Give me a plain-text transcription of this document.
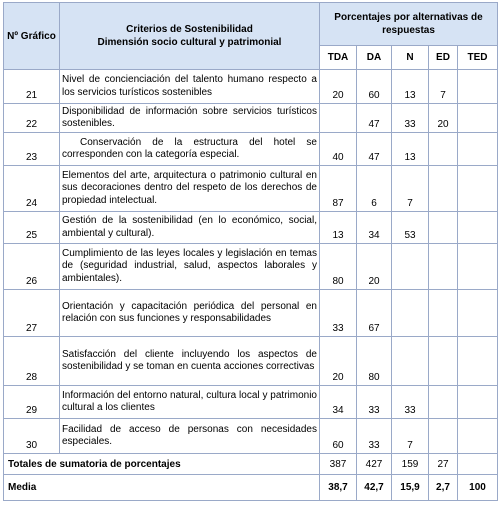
Nº Gráfico	Criterios de Sostenibilidad
Dimensión socio cultural y patrimonial	Porcentajes por alternativas de respuestas				
		TDA	DA	N	ED	TED
21	Nivel de concienciación del talento humano respecto a los servicios turísticos sostenibles	20	60	13	7	
22	Disponibilidad de información sobre servicios turísticos sostenibles.		47	33	20	
23	Conservación de la estructura del hotel se corresponden con la categoría especial.	40	47	13		
24	Elementos del arte, arquitectura o patrimonio cultural en sus decoraciones dentro del respeto de los derechos de propiedad intelectual.	87	6	7		
25	Gestión de la sostenibilidad (en lo económico, social, ambiental y cultural).	13	34	53		
26	Cumplimiento de las leyes locales y legislación en temas de (seguridad industrial, salud, aspectos laborales y ambientales).	80	20			
27	Orientación y capacitación periódica del personal en relación con sus funciones y responsabilidades	33	67			
28	Satisfacción del cliente incluyendo los aspectos de sostenibilidad y se toman en cuenta acciones correctivas	20	80			
29	Información del entorno natural, cultura local y patrimonio cultural a los clientes	34	33	33		
30	Facilidad de acceso de personas con necesidades especiales.	60	33	7		
Totales de sumatoria de porcentajes		387	427	159	27	
Media		38,7	42,7	15,9	2,7	100
